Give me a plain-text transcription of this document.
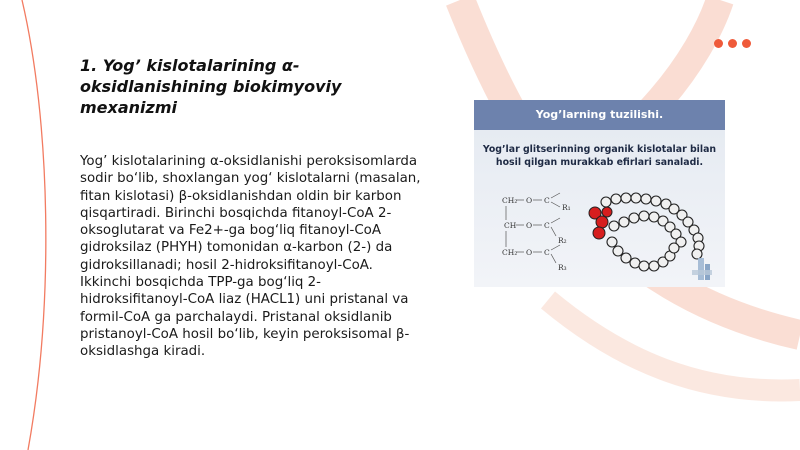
1. Yog’ kislotalarining α-oksidlanishining biokimyoviy mexanizmi

Yog’ kislotalarining α-oksidlanishi peroksisomlarda sodir bo‘lib, shoxlangan yog‘ kislotalarni (masalan, fitan kislotasi) β-oksidlanishdan oldin bir karbon qisqartiradi. Birinchi bosqichda fitanoyl-CoA 2-oksoglutarat va Fe2+-ga bog‘liq fitanoyl-CoA gidroksilaz (PHYH) tomonidan α-karbon (2-) da gidroksillanadi; hosil 2-hidroksifitanoyl-CoA. Ikkinchi bosqichda TPP-ga bog‘liq 2-hidroksifitanoyl-CoA liaz (HACL1) uni pristanal va formil-CoA ga parchalaydi. Pristanal oksidlanib pristanoyl-CoA hosil bo‘lib, keyin peroksisomal β-oksidlashga kiradi.

Yog’larning tuzilishi.

Yog’lar glitserinning organik kislotalar bilan hosil qilgan murakkab efirlari sanaladi.

CH₂
CH
CH₂
O
O
O
C
C
C
R₁
R₂
R₃
